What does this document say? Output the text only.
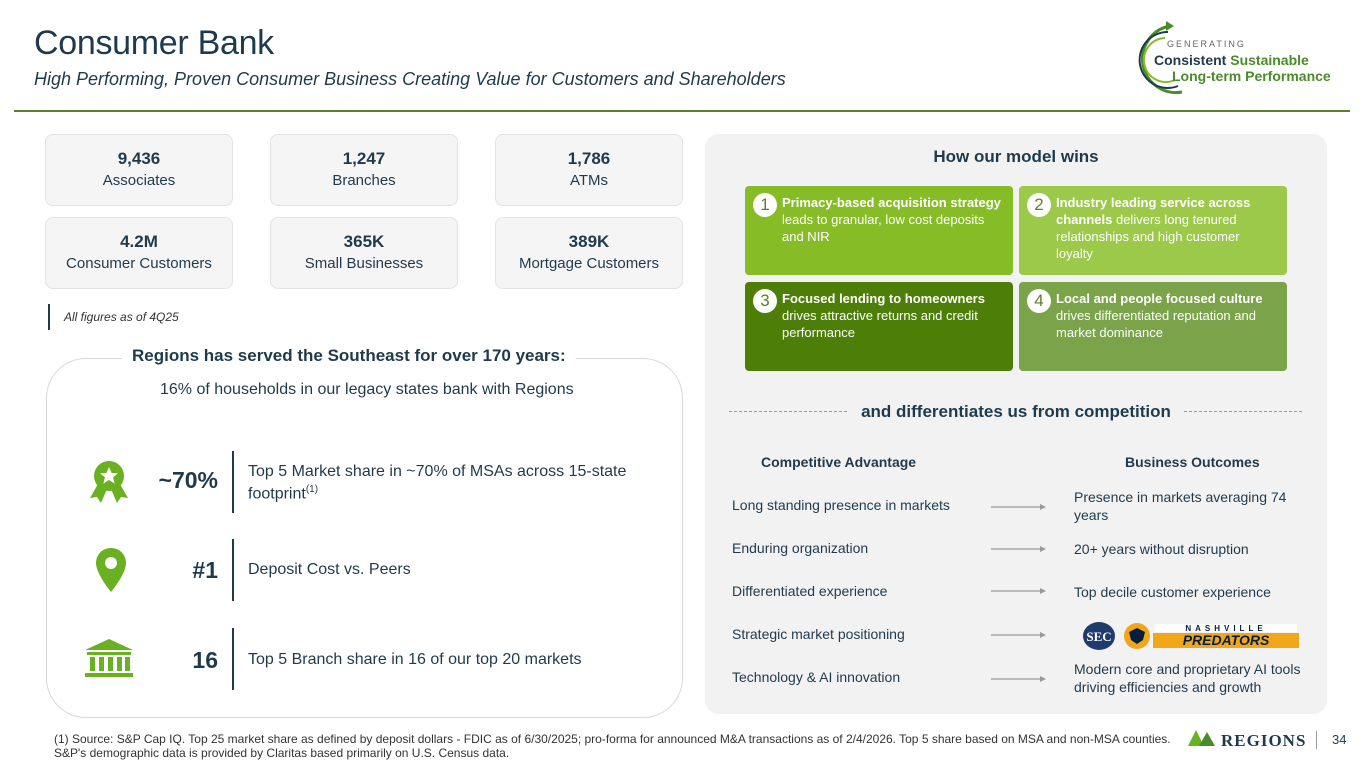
Consumer Bank
High Performing, Proven Consumer Business Creating Value for Customers and Shareholders
GENERATING
Consistent Sustainable
Long-term Performance
9,436
Associates
1,247
Branches
1,786
ATMs
4.2M
Consumer Customers
365K
Small Businesses
389K
Mortgage Customers
All figures as of 4Q25
Regions has served the Southeast for over 170 years:
16% of households in our legacy states bank with Regions
~70% Top 5 Market share in ~70% of MSAs across 15-state footprint$^{(1)}$
#1 Deposit Cost vs. Peers
16 Top 5 Branch share in 16 of our top 20 markets
How our model wins
1 Primacy-based acquisition strategy leads to granular, low cost deposits and NIR
2 Industry leading service across channels delivers long tenured relationships and high customer loyalty
3 Focused lending to homeowners drives attractive returns and credit performance
4 Local and people focused culture drives differentiated reputation and market dominance
and differentiates us from competition
Competitive Advantage	Business Outcomes
Long standing presence in markets	Presence in markets averaging 74 years
Enduring organization	20+ years without disruption
Differentiated experience	Top decile customer experience
Strategic market positioning	SEC
NASHVILLE
PREDATORS
Technology & AI innovation	Modern core and proprietary AI tools driving efficiencies and growth
(1) Source: S&P Cap IQ. Top 25 market share as defined by deposit dollars - FDIC as of 6/30/2025; pro-forma for announced M&A transactions as of 2/4/2026. Top 5 share based on MSA and non-MSA counties.
S&P's demographic data is provided by Claritas based primarily on U.S. Census data.
REGIONS 34
